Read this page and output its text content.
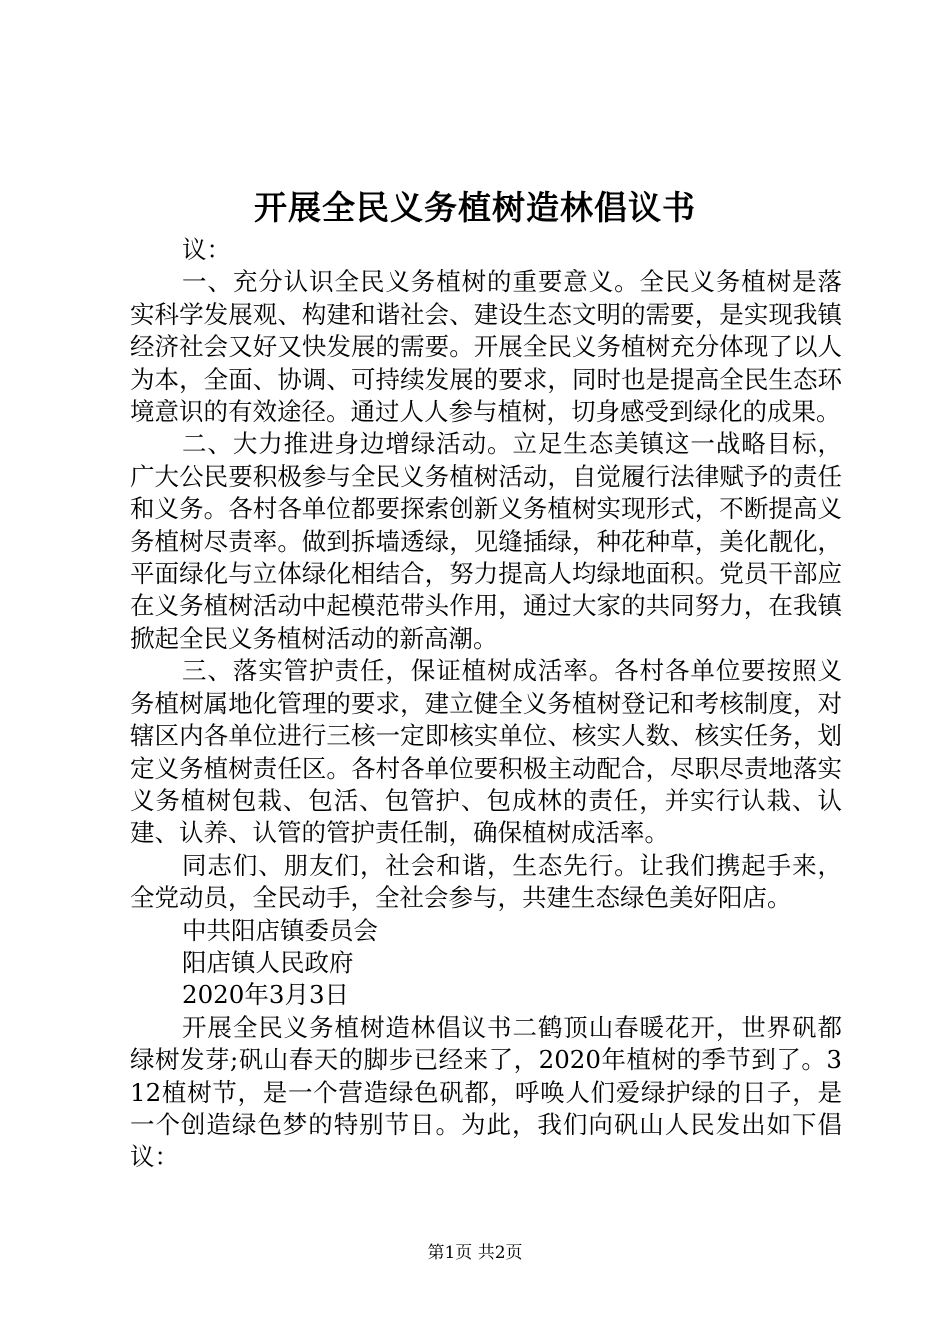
开展全民义务植树造林倡议书

议：

一、充分认识全民义务植树的重要意义。全民义务植树是落实科学发展观、构建和谐社会、建设生态文明的需要，是实现我镇经济社会又好又快发展的需要。开展全民义务植树充分体现了以人为本，全面、协调、可持续发展的要求，同时也是提高全民生态环境意识的有效途径。通过人人参与植树，切身感受到绿化的成果。

二、大力推进身边增绿活动。立足生态美镇这一战略目标，广大公民要积极参与全民义务植树活动，自觉履行法律赋予的责任和义务。各村各单位都要探索创新义务植树实现形式，不断提高义务植树尽责率。做到拆墙透绿，见缝插绿，种花种草，美化靓化，平面绿化与立体绿化相结合，努力提高人均绿地面积。党员干部应在义务植树活动中起模范带头作用，通过大家的共同努力，在我镇掀起全民义务植树活动的新高潮。

三、落实管护责任，保证植树成活率。各村各单位要按照义务植树属地化管理的要求，建立健全义务植树登记和考核制度，对辖区内各单位进行三核一定即核实单位、核实人数、核实任务，划定义务植树责任区。各村各单位要积极主动配合，尽职尽责地落实义务植树包栽、包活、包管护、包成林的责任，并实行认栽、认建、认养、认管的管护责任制，确保植树成活率。

同志们、朋友们，社会和谐，生态先行。让我们携起手来，全党动员，全民动手，全社会参与，共建生态绿色美好阳店。

中共阳店镇委员会

阳店镇人民政府

2020年3月3日

开展全民义务植树造林倡议书二鹤顶山春暖花开，世界矾都绿树发芽;矾山春天的脚步已经来了，2020年植树的季节到了。312植树节，是一个营造绿色矾都，呼唤人们爱绿护绿的日子，是一个创造绿色梦的特别节日。为此，我们向矾山人民发出如下倡议：

第1页 共2页
